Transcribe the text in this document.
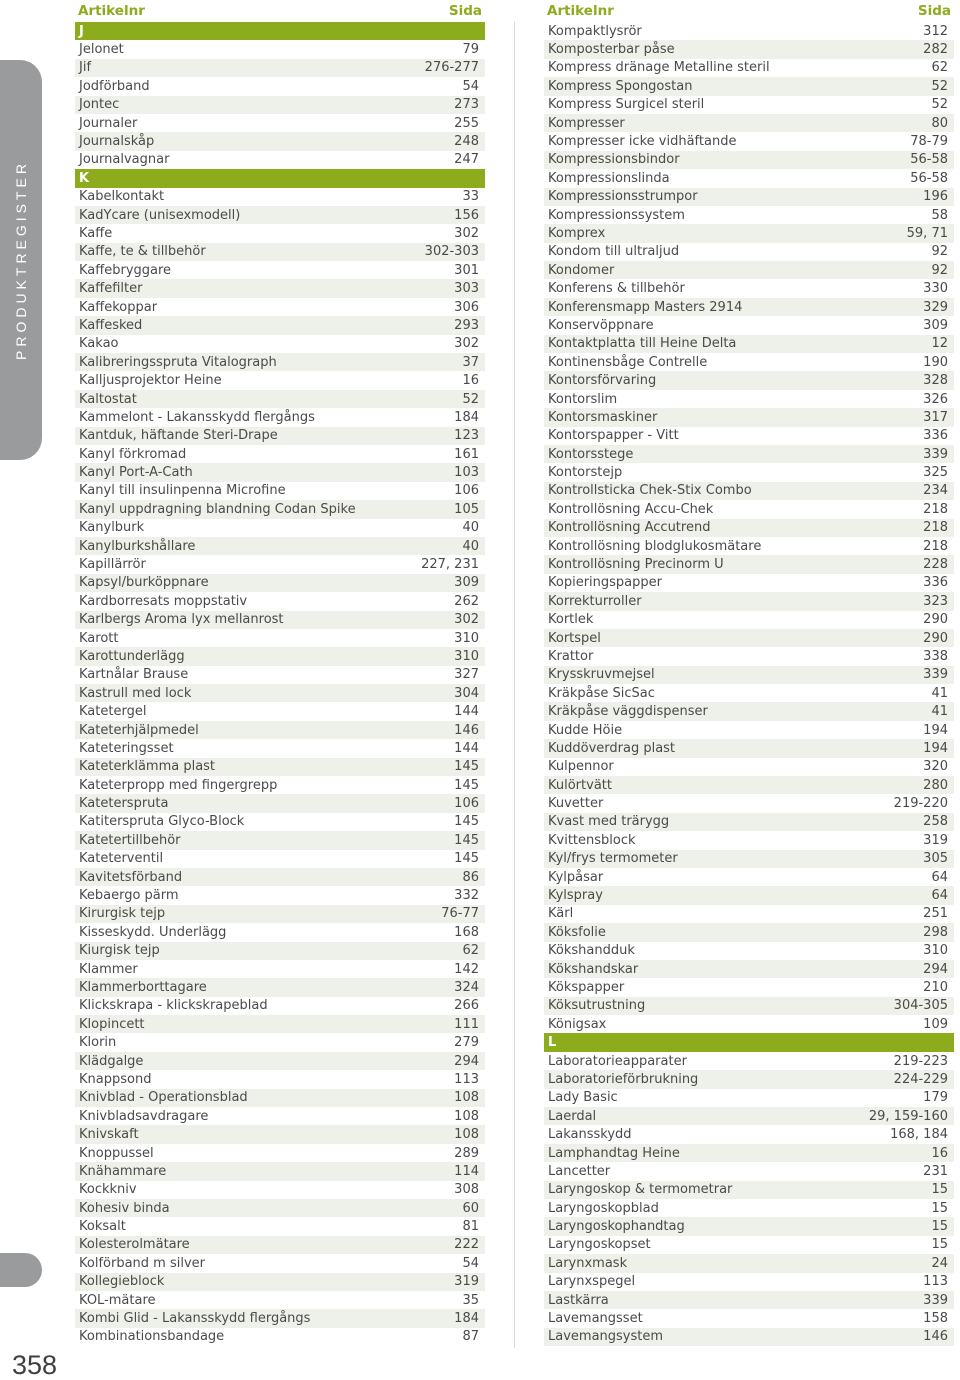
PRODUKTREGISTER
358
Artikelnr	Sida
J
Jelonet	79
Jif	276-277
Jodförband	54
Jontec	273
Journaler	255
Journalskåp	248
Journalvagnar	247
K
Kabelkontakt	33
KadYcare (unisexmodell)	156
Kaffe	302
Kaffe, te & tillbehör	302-303
Kaffebryggare	301
Kaffefilter	303
Kaffekoppar	306
Kaffesked	293
Kakao	302
Kalibreringsspruta Vitalograph	37
Kalljusprojektor Heine	16
Kaltostat	52
Kammelont - Lakansskydd flergångs	184
Kantduk, häftande Steri-Drape	123
Kanyl förkromad	161
Kanyl Port-A-Cath	103
Kanyl till insulinpenna Microfine	106
Kanyl uppdragning blandning Codan Spike	105
Kanylburk	40
Kanylburkshållare	40
Kapillärrör	227, 231
Kapsyl/burköppnare	309
Kardborresats moppstativ	262
Karlbergs Aroma lyx mellanrost	302
Karott	310
Karottunderlägg	310
Kartnålar Brause	327
Kastrull med lock	304
Katetergel	144
Kateterhjälpmedel	146
Kateteringsset	144
Kateterklämma plast	145
Kateterpropp med fingergrepp	145
Kateterspruta	106
Katiterspruta Glyco-Block	145
Katetertillbehör	145
Kateterventil	145
Kavitetsförband	86
Kebaergo pärm	332
Kirurgisk tejp	76-77
Kisseskydd. Underlägg	168
Kiurgisk tejp	62
Klammer	142
Klammerborttagare	324
Klickskrapa - klickskrapeblad	266
Klopincett	111
Klorin	279
Klädgalge	294
Knappsond	113
Knivblad - Operationsblad	108
Knivbladsavdragare	108
Knivskaft	108
Knoppussel	289
Knähammare	114
Kockkniv	308
Kohesiv binda	60
Koksalt	81
Kolesterolmätare	222
Kolförband m silver	54
Kollegieblock	319
KOL-mätare	35
Kombi Glid - Lakansskydd flergångs	184
Kombinationsbandage	87
Artikelnr	Sida
Kompaktlysrör	312
Komposterbar påse	282
Kompress dränage Metalline steril	62
Kompress Spongostan	52
Kompress Surgicel steril	52
Kompresser	80
Kompresser icke vidhäftande	78-79
Kompressionsbindor	56-58
Kompressionslinda	56-58
Kompressionsstrumpor	196
Kompressionssystem	58
Komprex	59, 71
Kondom till ultraljud	92
Kondomer	92
Konferens & tillbehör	330
Konferensmapp Masters 2914	329
Konservöppnare	309
Kontaktplatta till Heine Delta	12
Kontinensbåge Contrelle	190
Kontorsförvaring	328
Kontorslim	326
Kontorsmaskiner	317
Kontorspapper - Vitt	336
Kontorsstege	339
Kontorstejp	325
Kontrollsticka Chek-Stix Combo	234
Kontrollösning Accu-Chek	218
Kontrollösning Accutrend	218
Kontrollösning blodglukosmätare	218
Kontrollösning Precinorm U	228
Kopieringspapper	336
Korrekturroller	323
Kortlek	290
Kortspel	290
Krattor	338
Krysskruvmejsel	339
Kräkpåse SicSac	41
Kräkpåse väggdispenser	41
Kudde Höie	194
Kuddöverdrag plast	194
Kulpennor	320
Kulörtvätt	280
Kuvetter	219-220
Kvast med trärygg	258
Kvittensblock	319
Kyl/frys termometer	305
Kylpåsar	64
Kylspray	64
Kärl	251
Köksfolie	298
Kökshandduk	310
Kökshandskar	294
Kökspapper	210
Köksutrustning	304-305
Königsax	109
L
Laboratorieapparater	219-223
Laboratorieförbrukning	224-229
Lady Basic	179
Laerdal	29, 159-160
Lakansskydd	168, 184
Lamphandtag Heine	16
Lancetter	231
Laryngoskop & termometrar	15
Laryngoskopblad	15
Laryngoskophandtag	15
Laryngoskopset	15
Larynxmask	24
Larynxspegel	113
Lastkärra	339
Lavemangsset	158
Lavemangsystem	146
